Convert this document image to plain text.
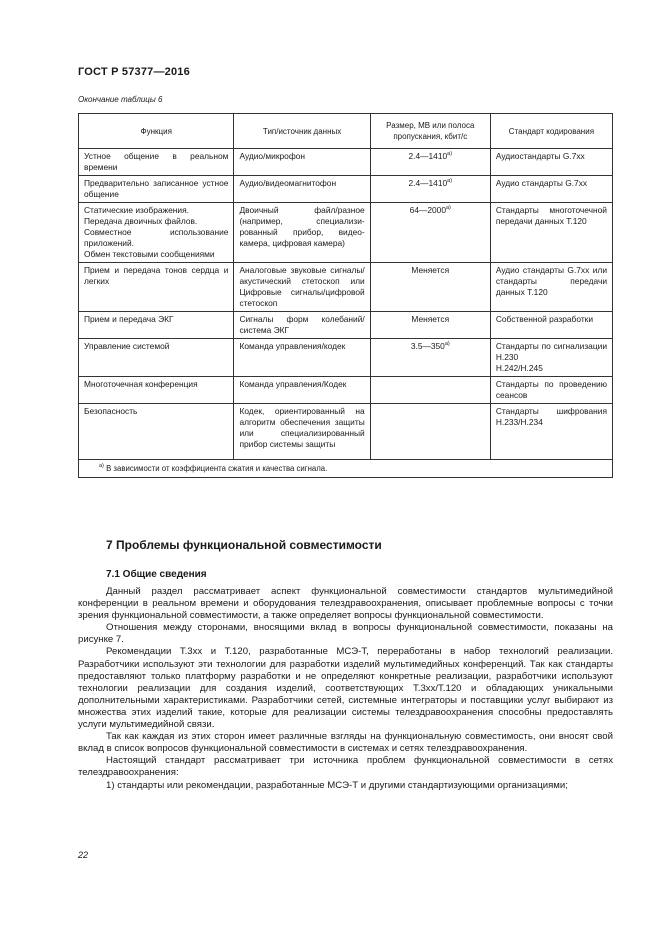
ГОСТ Р 57377—2016
Окончание таблицы 6
Функция	Тип/источник данных	Размер, МВ или полоса пропускания, кбит/с	Стандарт кодирования
Устное общение в реальном времени	Аудио/микрофон	$2.4—1410^{а)}$	Аудиостандарты G.7xx
Предварительно записанное устное общение	Аудио/видеомагнитофон	$2.4—1410^{а)}$	Аудио стандарты G.7xx
Статические изображения.
Передача двоичных файлов.
Совместное использование приложений.
Обмен текстовыми сообщениями	Двоичный файл/разное (например, специализированный прибор, видеокамера, цифровая камера)	$64—2000^{а)}$	Стандарты многоточечной передачи данных Т.120
Прием и передача тонов сердца и легких	Аналоговые звуковые сигналы/акустический стетоскоп или Цифровые сигналы/цифровой стетоскоп	Меняется	Аудио стандарты G.7xx или стандарты передачи данных Т.120
Прием и передача ЭКГ	Сигналы форм колебаний/система ЭКГ	Меняется	Собственной разработки
Управление системой	Команда управления/кодек	$3.5—350^{а)}$	Стандарты по сигнализации Н.230
Н.242/Н.245
Многоточечная конференция	Команда управления/Кодек		Стандарты по проведению сеансов
Безопасность	Кодек, ориентированный на алгоритм обеспечения защиты или специализированный прибор системы защиты		Стандарты шифрования Н.233/Н.234
$^{а)}$ В зависимости от коэффициента сжатия и качества сигнала.			
7 Проблемы функциональной совместимости
7.1 Общие сведения

Данный раздел рассматривает аспект функциональной совместимости стандартов мультимедийной конференции в реальном времени и оборудования телездравоохранения, описывает проблемные вопросы с точки зрения функциональной совместимости, а также определяет вопросы функциональной совместимости.

Отношения между сторонами, вносящими вклад в вопросы функциональной совместимости, показаны на рисунке 7.

Рекомендации Т.3xx и Т.120, разработанные МСЭ-Т, переработаны в набор технологий реализации. Разработчики используют эти технологии для разработки изделий мультимедийных конференций. Так как стандарты предоставляют только платформу разработки и не определяют конкретные реализации, разработчики используют технологии реализации для создания изделий, соответствующих Т.3xx/Т.120 и обладающих уникальными дополнительными характеристиками. Разработчики сетей, системные интеграторы и поставщики услуг выбирают из множества этих изделий такие, которые для реализации системы телездравоохранения способны предоставлять услуги мультимедийной связи.

Так как каждая из этих сторон имеет различные взгляды на функциональную совместимость, они вносят свой вклад в список вопросов функциональной совместимости в системах и сетях телездравоохранения.

Настоящий стандарт рассматривает три источника проблем функциональной совместимости в сетях телездравоохранения:

1) стандарты или рекомендации, разработанные МСЭ-Т и другими стандартизующими организациями;

22
